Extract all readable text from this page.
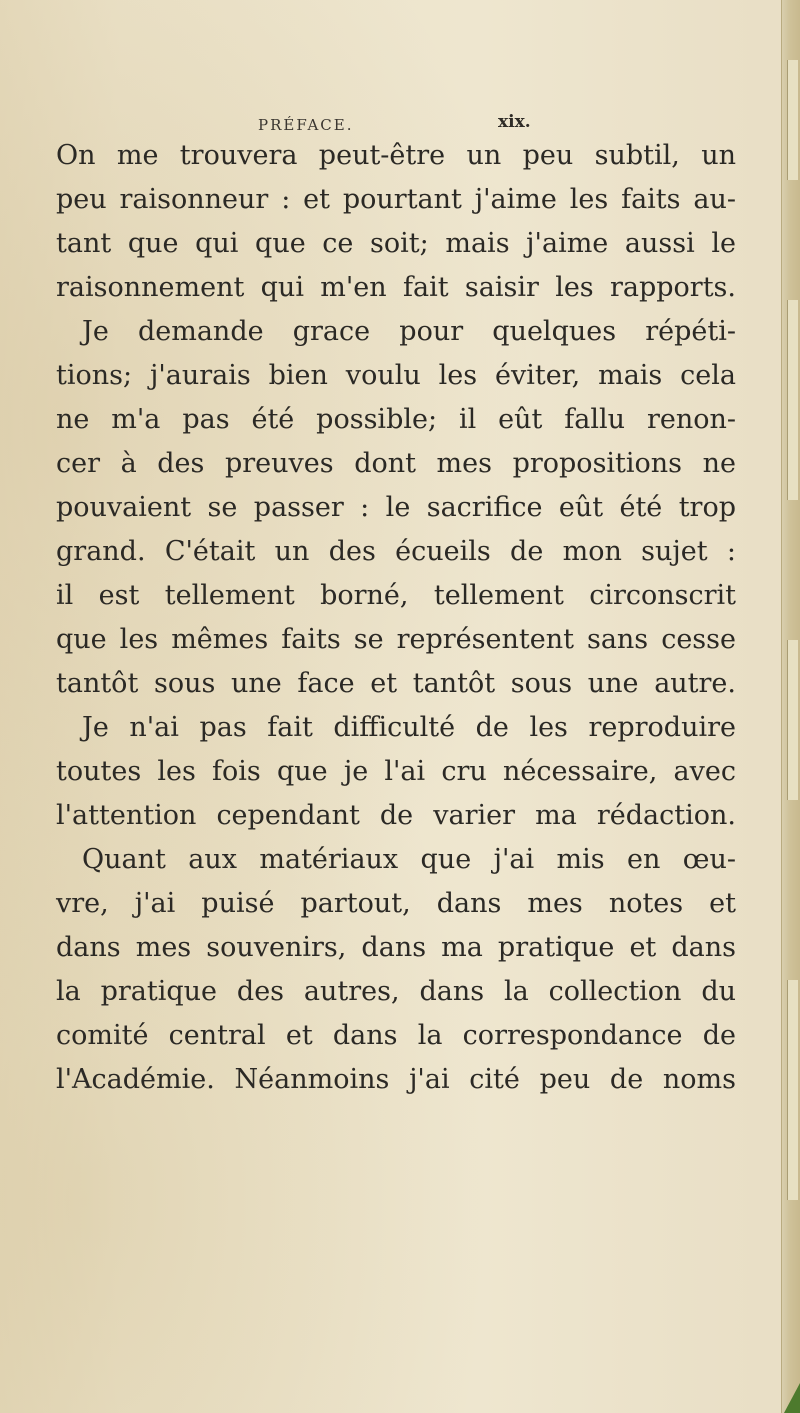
PRÉFACE.	xix.
On me trouvera peut-être un peu subtil, un
peu raisonneur : et pourtant j'aime les faits au-
tant que qui que ce soit; mais j'aime aussi le
raisonnement qui m'en fait saisir les rapports.
Je demande grace pour quelques répéti-
tions; j'aurais bien voulu les éviter, mais cela
ne m'a pas été possible; il eût fallu renon-
cer à des preuves dont mes propositions ne
pouvaient se passer : le sacrifice eût été trop
grand. C'était un des écueils de mon sujet :
il est tellement borné, tellement circonscrit
que les mêmes faits se représentent sans cesse
tantôt sous une face et tantôt sous une autre.
Je n'ai pas fait difficulté de les reproduire
toutes les fois que je l'ai cru nécessaire, avec
l'attention cependant de varier ma rédaction.
Quant aux matériaux que j'ai mis en œu-
vre, j'ai puisé partout, dans mes notes et
dans mes souvenirs, dans ma pratique et dans
la pratique des autres, dans la collection du
comité central et dans la correspondance de
l'Académie. Néanmoins j'ai cité peu de noms
